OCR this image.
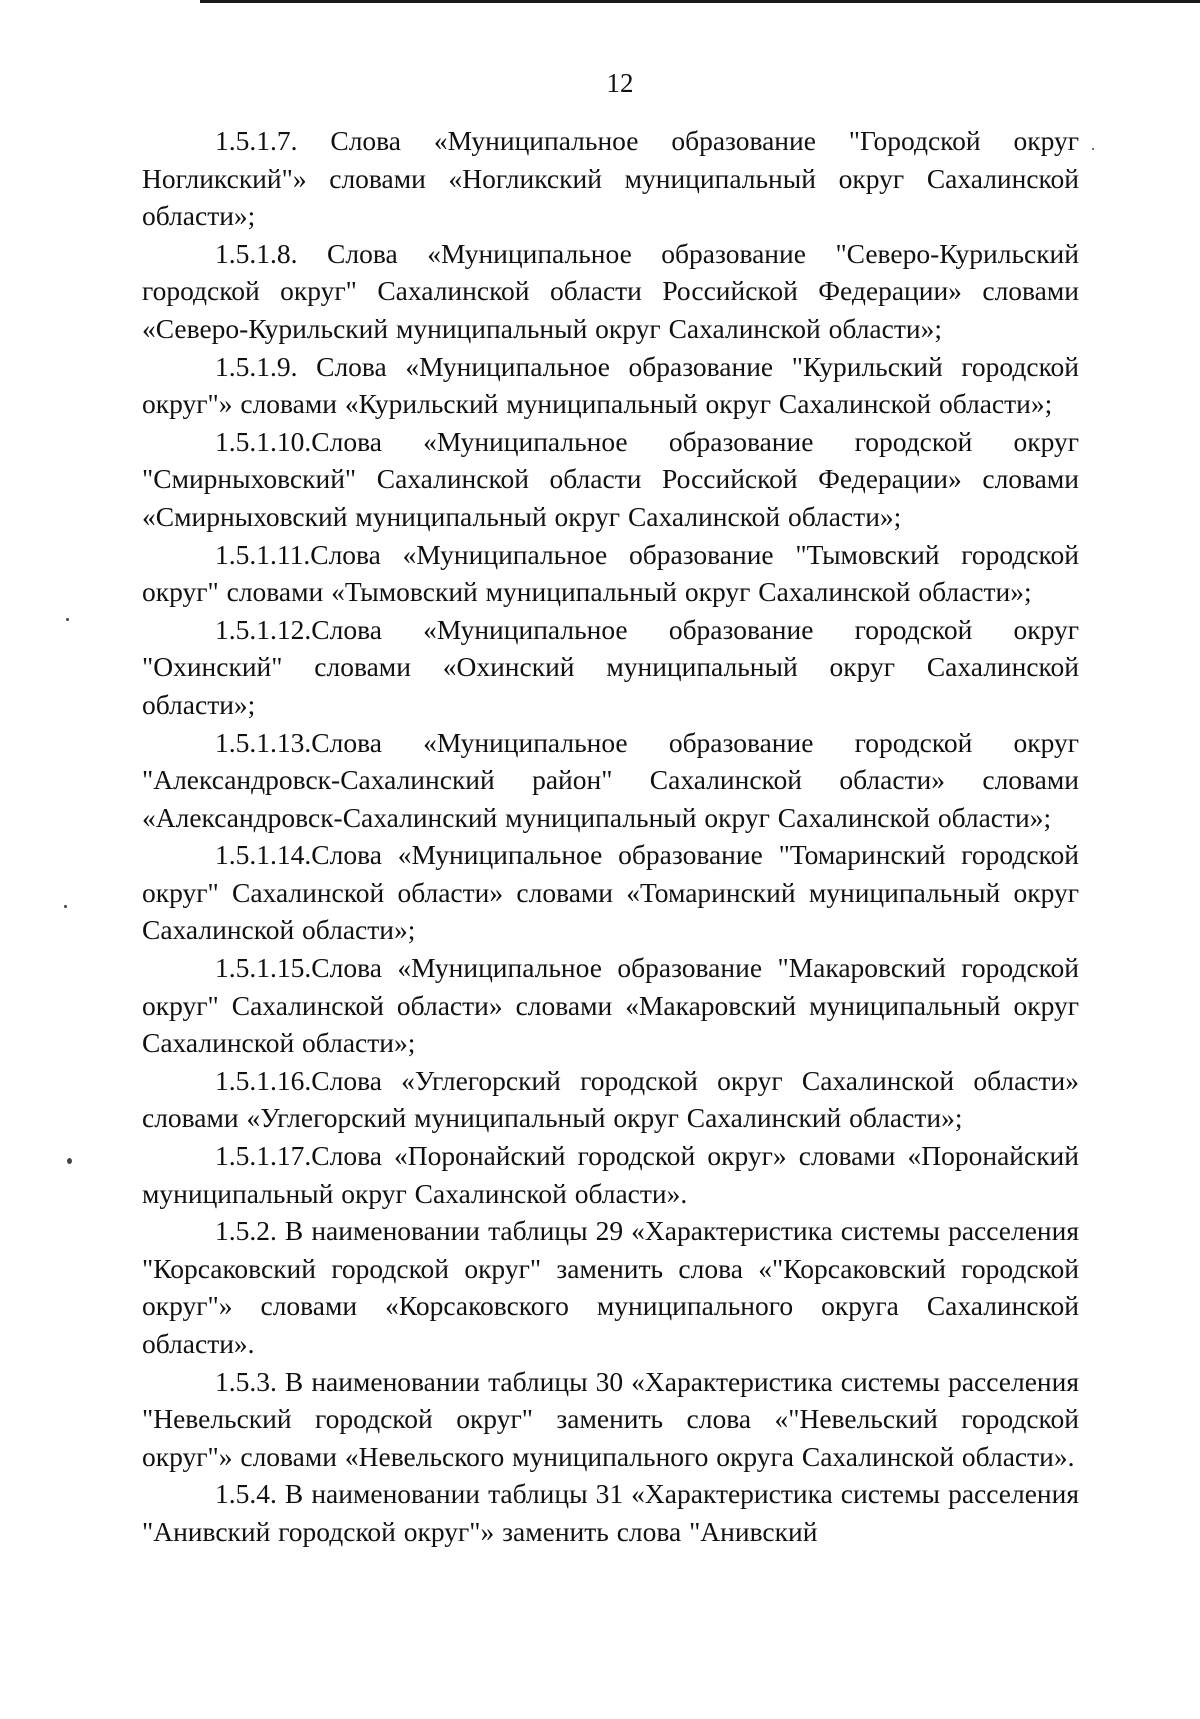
12

1.5.1.7. Слова «Муниципальное образование "Городской округ Ногликский"» словами «Ногликский муниципальный округ Сахалинской области»;

1.5.1.8. Слова «Муниципальное образование "Северо-Курильский городской округ" Сахалинской области Российской Федерации» словами «Северо-Курильский муниципальный округ Сахалинской области»;

1.5.1.9. Слова «Муниципальное образование "Курильский городской округ"» словами «Курильский муниципальный округ Сахалинской области»;

1.5.1.10.Слова «Муниципальное образование городской округ "Смирныховский" Сахалинской области Российской Федерации» словами «Смирныховский муниципальный округ Сахалинской области»;

1.5.1.11.Слова «Муниципальное образование "Тымовский городской округ" словами «Тымовский муниципальный округ Сахалинской области»;

1.5.1.12.Слова «Муниципальное образование городской округ "Охинский" словами «Охинский муниципальный округ Сахалинской области»;

1.5.1.13.Слова «Муниципальное образование городской округ "Александровск-Сахалинский район" Сахалинской области» словами «Александровск-Сахалинский муниципальный округ Сахалинской области»;

1.5.1.14.Слова «Муниципальное образование "Томаринский городской округ" Сахалинской области» словами «Томаринский муниципальный округ Сахалинской области»;

1.5.1.15.Слова «Муниципальное образование "Макаровский городской округ" Сахалинской области» словами «Макаровский муниципальный округ Сахалинской области»;

1.5.1.16.Слова «Углегорский городской округ Сахалинской области» словами «Углегорский муниципальный округ Сахалинский области»;

1.5.1.17.Слова «Поронайский городской округ» словами «Поронайский муниципальный округ Сахалинской области».

1.5.2. В наименовании таблицы 29 «Характеристика системы расселения "Корсаковский городской округ" заменить слова «"Корсаковский городской округ"» словами «Корсаковского муниципального округа Сахалинской области».

1.5.3. В наименовании таблицы 30 «Характеристика системы расселения "Невельский городской округ" заменить слова «"Невельский городской округ"» словами «Невельского муниципального округа Сахалинской области».

1.5.4. В наименовании таблицы 31 «Характеристика системы расселения "Анивский городской округ"» заменить слова "Анивский
